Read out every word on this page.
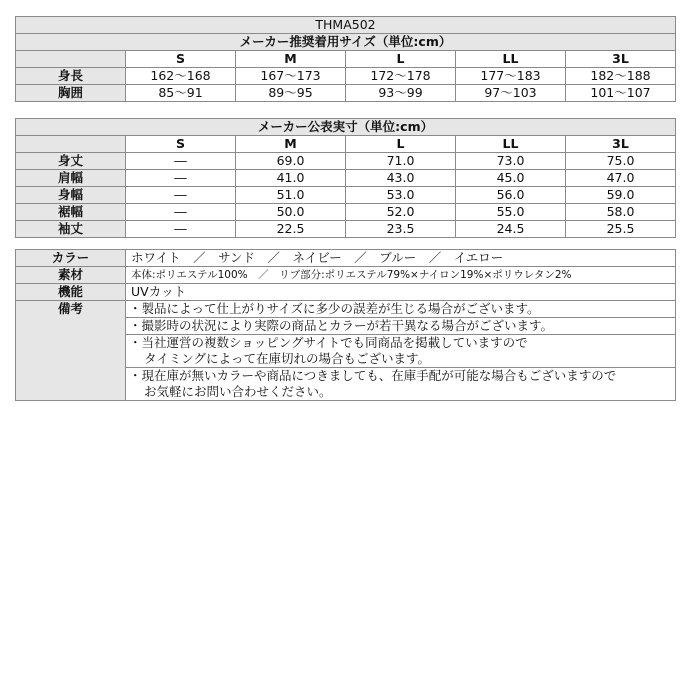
THMA502					
メーカー推奨着用サイズ（単位:cm）					
	S	M	L	LL	3L
身長	162～168	167～173	172～178	177～183	182～188
胸囲	85～91	89～95	93～99	97～103	101～107
メーカー公表実寸（単位:cm）					
	S	M	L	LL	3L
身丈	―	69.0	71.0	73.0	75.0
肩幅	―	41.0	43.0	45.0	47.0
身幅	―	51.0	53.0	56.0	59.0
裾幅	―	50.0	52.0	55.0	58.0
袖丈	―	22.5	23.5	24.5	25.5
カラー	ホワイト　／　サンド　／　ネイビー　／　ブルー　／　イエロー
素材	本体:ポリエステル100%　／　リブ部分:ポリエステル79%×ナイロン19%×ポリウレタン2%
機能	UVカット
備考	・製品によって仕上がりサイズに多少の誤差が生じる場合がございます。

	・撮影時の状況により実際の商品とカラーが若干異なる場合がございます。

	・当社運営の複数ショッピングサイトでも同商品を掲載していますので
タイミングによって在庫切れの場合もございます。

	・現在庫が無いカラーや商品につきましても、在庫手配が可能な場合もございますので
お気軽にお問い合わせください。
